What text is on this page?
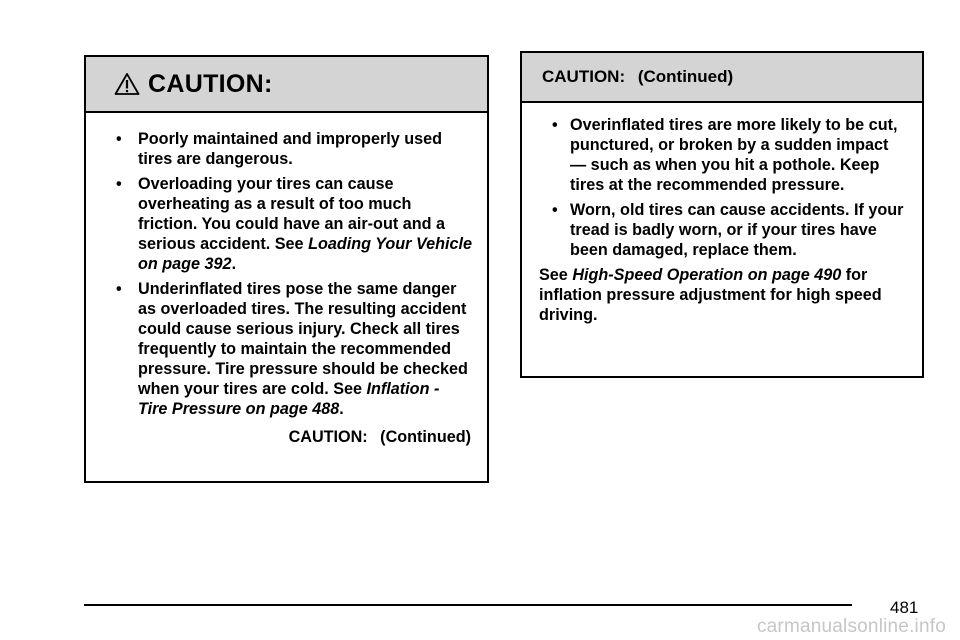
CAUTION:
• Poorly maintained and improperly used tires are dangerous.
• Overloading your tires can cause overheating as a result of too much friction. You could have an air-out and a serious accident. See Loading Your Vehicle on page 392.
• Underinflated tires pose the same danger as overloaded tires. The resulting accident could cause serious injury. Check all tires frequently to maintain the recommended pressure. Tire pressure should be checked when your tires are cold. See Inflation - Tire Pressure on page 488.
CAUTION: (Continued)
CAUTION: (Continued)
• Overinflated tires are more likely to be cut, punctured, or broken by a sudden impact — such as when you hit a pothole. Keep tires at the recommended pressure.
• Worn, old tires can cause accidents. If your tread is badly worn, or if your tires have been damaged, replace them.
See High-Speed Operation on page 490 for inflation pressure adjustment for high speed driving.
481
carmanualsonline.info
